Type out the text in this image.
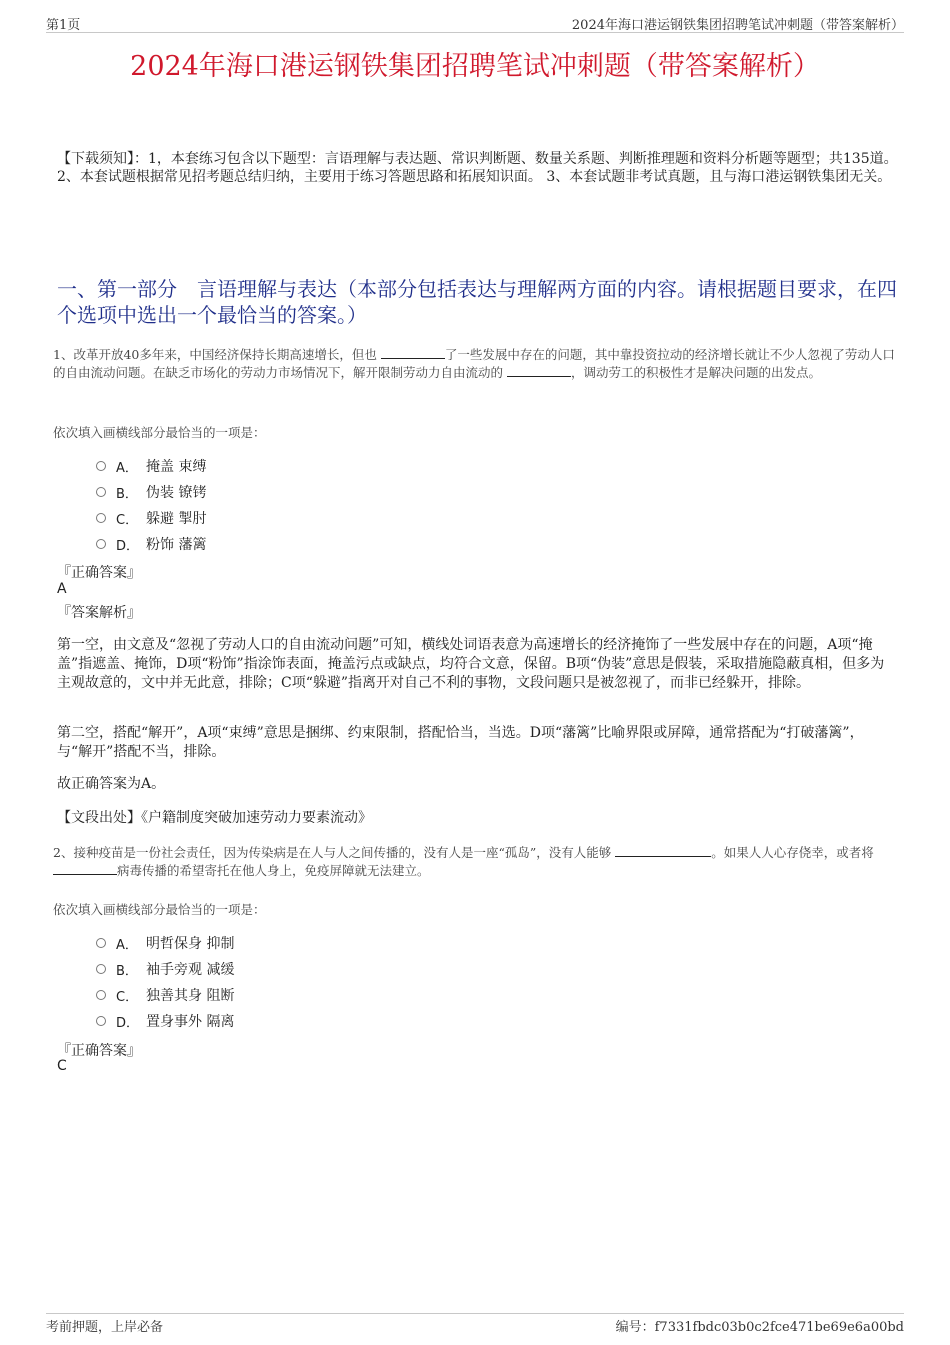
第1页	2024年海口港运钢铁集团招聘笔试冲刺题（带答案解析）
2024年海口港运钢铁集团招聘笔试冲刺题（带答案解析）
【下载须知】：1，本套练习包含以下题型：言语理解与表达题、常识判断题、数量关系题、判断推理题和资料分析题等题型；共135道。 2、本套试题根据常见招考题总结归纳，主要用于练习答题思路和拓展知识面。 3、本套试题非考试真题，且与海口港运钢铁集团无关。
一、第一部分　言语理解与表达（本部分包括表达与理解两方面的内容。请根据题目要求，在四个选项中选出一个最恰当的答案。）
1、改革开放40多年来，中国经济保持长期高速增长，但也	了一些发展中存在的问题，其中靠投资拉动的经济增长就让不少人忽视了劳动人口的自由流动问题。在缺乏市场化的劳动力市场情况下，解开限制劳动力自由流动的	，调动劳工的积极性才是解决问题的出发点。
依次填入画横线部分最恰当的一项是：
A． 掩盖 束缚
B． 伪装 镣铐
C． 躲避 掣肘
D． 粉饰 藩篱
『正确答案』
A
『答案解析』
第一空，由文意及“忽视了劳动人口的自由流动问题”可知，横线处词语表意为高速增长的经济掩饰了一些发展中存在的问题，A项“掩盖”指遮盖、掩饰，D项“粉饰”指涂饰表面，掩盖污点或缺点，均符合文意，保留。B项“伪装”意思是假装，采取措施隐蔽真相，但多为主观故意的，文中并无此意，排除；C项“躲避”指离开对自己不利的事物，文段问题只是被忽视了，而非已经躲开，排除。
第二空，搭配“解开”，A项“束缚”意思是捆绑、约束限制，搭配恰当，当选。D项“藩篱”比喻界限或屏障，通常搭配为“打破藩篱”，与“解开”搭配不当，排除。
故正确答案为A。
【文段出处】《户籍制度突破加速劳动力要素流动》
2、接种疫苗是一份社会责任，因为传染病是在人与人之间传播的，没有人是一座“孤岛”，没有人能够	。如果人人心存侥幸，或者将 病毒传播的希望寄托在他人身上，免疫屏障就无法建立。
依次填入画横线部分最恰当的一项是：
A． 明哲保身 抑制
B． 袖手旁观 减缓
C． 独善其身 阻断
D． 置身事外 隔离
『正确答案』
C
考前押题，上岸必备	编号：f7331fbdc03b0c2fce471be69e6a00bd
